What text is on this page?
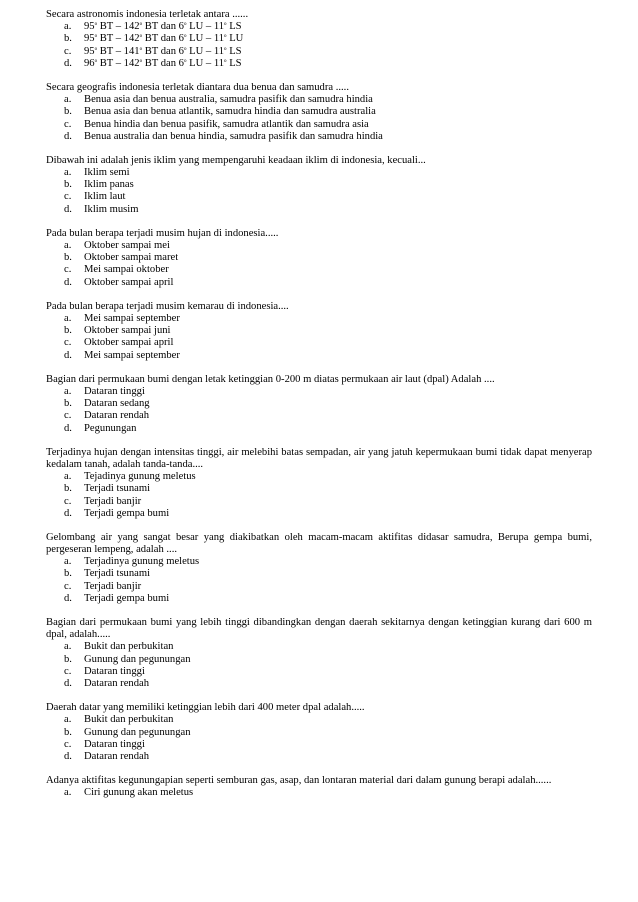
Secara astronomis indonesia terletak antara ......

a. 95$^o$ BT – 142$^o$ BT dan 6$^o$ LU – 11$^o$ LS
b. 95$^o$ BT – 142$^o$ BT dan 6$^o$ LU – 11$^o$ LU
c. 95$^o$ BT – 141$^o$ BT dan 6$^o$ LU – 11$^o$ LS
d. 96$^o$ BT – 142$^o$ BT dan 6$^o$ LU – 11$^o$ LS

Secara geografis indonesia terletak diantara dua benua dan samudra .....

a. Benua asia dan benua australia, samudra pasifik dan samudra hindia
b. Benua asia dan benua atlantik, samudra hindia dan samudra australia
c. Benua hindia dan benua pasifik, samudra atlantik dan samudra asia
d. Benua australia dan benua hindia, samudra pasifik dan samudra hindia

Dibawah ini adalah jenis iklim yang mempengaruhi keadaan iklim di indonesia, kecuali...

a. Iklim semi
b. Iklim panas
c. Iklim laut
d. Iklim musim

Pada bulan berapa terjadi musim hujan di indonesia.....

a. Oktober sampai mei
b. Oktober sampai maret
c. Mei sampai oktober
d. Oktober sampai april

Pada bulan berapa terjadi musim kemarau di indonesia....

a. Mei sampai september
b. Oktober sampai juni
c. Oktober sampai april
d. Mei sampai september

Bagian dari permukaan bumi dengan letak ketinggian 0-200 m diatas permukaan air laut (dpal) Adalah ....

a. Dataran tinggi
b. Dataran sedang
c. Dataran rendah
d. Pegunungan

Terjadinya hujan dengan intensitas tinggi, air melebihi batas sempadan, air yang jatuh kepermukaan bumi tidak dapat menyerap kedalam tanah, adalah tanda-tanda....

a. Tejadinya gunung meletus
b. Terjadi tsunami
c. Terjadi banjir
d. Terjadi gempa bumi

Gelombang air yang sangat besar yang diakibatkan oleh macam-macam aktifitas didasar samudra, Berupa gempa bumi, pergeseran lempeng, adalah ....

a. Terjadinya gunung meletus
b. Terjadi tsunami
c. Terjadi banjir
d. Terjadi gempa bumi

Bagian dari permukaan bumi yang lebih tinggi dibandingkan dengan daerah sekitarnya dengan ketinggian kurang dari 600 m dpal, adalah.....

a. Bukit dan perbukitan
b. Gunung dan pegunungan
c. Dataran tinggi
d. Dataran rendah

Daerah datar yang memiliki ketinggian lebih dari 400 meter dpal adalah.....

a. Bukit dan perbukitan
b. Gunung dan pegunungan
c. Dataran tinggi
d. Dataran rendah

Adanya aktifitas kegunungapian seperti semburan gas, asap, dan lontaran material dari dalam gunung berapi adalah......

a. Ciri gunung akan meletus
